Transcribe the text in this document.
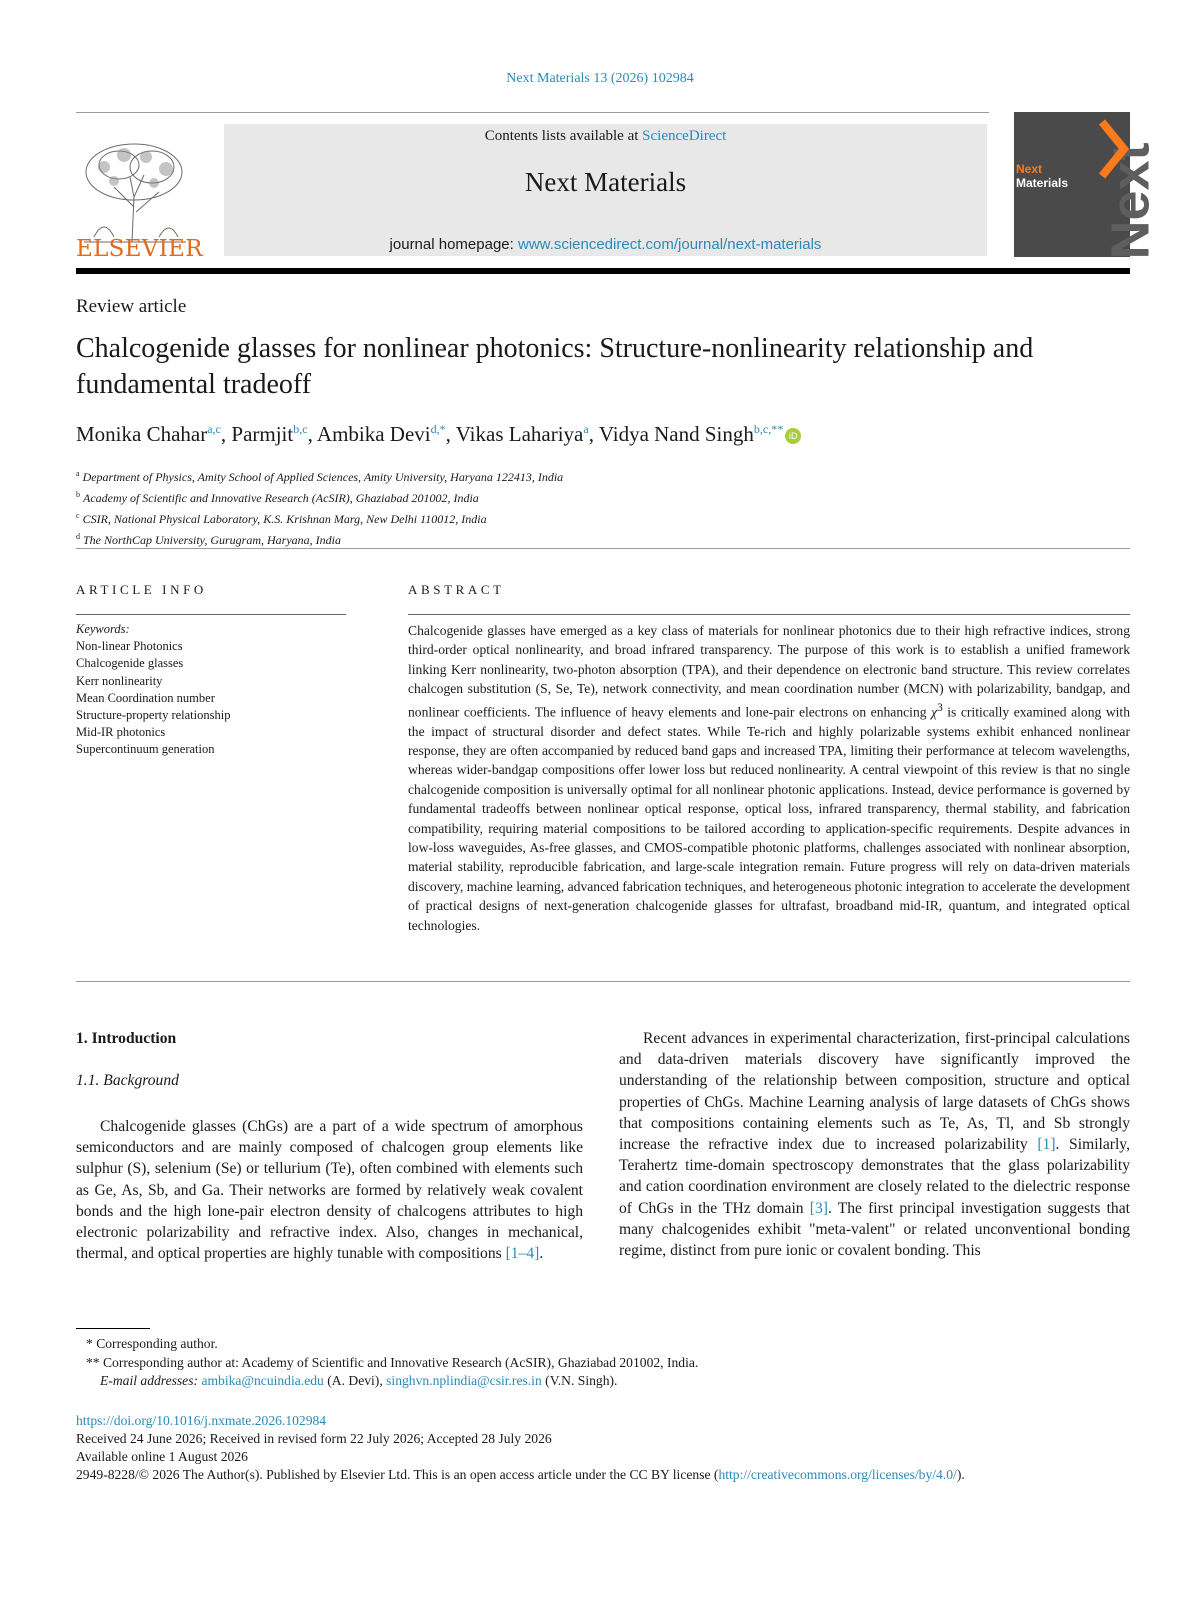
Next Materials 13 (2026) 102984
ELSEVIER
Contents lists available at ScienceDirect
Next Materials
journal homepage: www.sciencedirect.com/journal/next-materials	Next
Next
Materials
Review article
Chalcogenide glasses for nonlinear photonics: Structure-nonlinearity relationship and fundamental tradeoff
Monika Chahar$^{a,c}$, Parmjit$^{b,c}$, Ambika Devi$^{d,*}$, Vikas Lahariya$^a$, Vidya Nand Singh$^{b,c,**}$ iD
$^a$ Department of Physics, Amity School of Applied Sciences, Amity University, Haryana 122413, India
$^b$ Academy of Scientific and Innovative Research (AcSIR), Ghaziabad 201002, India
$^c$ CSIR, National Physical Laboratory, K.S. Krishnan Marg, New Delhi 110012, India
$^d$ The NorthCap University, Gurugram, Haryana, India
ARTICLE INFO	ABSTRACT
Keywords:
Non-linear Photonics
Chalcogenide glasses
Kerr nonlinearity
Mean Coordination number
Structure-property relationship
Mid-IR photonics
Supercontinuum generation
Chalcogenide glasses have emerged as a key class of materials for nonlinear photonics due to their high refractive indices, strong third-order optical nonlinearity, and broad infrared transparency. The purpose of this work is to establish a unified framework linking Kerr nonlinearity, two-photon absorption (TPA), and their dependence on electronic band structure. This review correlates chalcogen substitution (S, Se, Te), network connectivity, and mean coordination number (MCN) with polarizability, bandgap, and nonlinear coefficients. The influence of heavy elements and lone-pair electrons on enhancing $\chi^3$ is critically examined along with the impact of structural disorder and defect states. While Te-rich and highly polarizable systems exhibit enhanced nonlinear response, they are often accompanied by reduced band gaps and increased TPA, limiting their performance at telecom wavelengths, whereas wider-bandgap compositions offer lower loss but reduced nonlinearity. A central viewpoint of this review is that no single chalcogenide composition is universally optimal for all nonlinear photonic applications. Instead, device performance is governed by fundamental tradeoffs between nonlinear optical response, optical loss, infrared transparency, thermal stability, and fabrication compatibility, requiring material compositions to be tailored according to application-specific requirements. Despite advances in low-loss waveguides, As-free glasses, and CMOS-compatible photonic platforms, challenges associated with nonlinear absorption, material stability, reproducible fabrication, and large-scale integration remain. Future progress will rely on data-driven materials discovery, machine learning, advanced fabrication techniques, and heterogeneous photonic integration to accelerate the development of practical designs of next-generation chalcogenide glasses for ultrafast, broadband mid-IR, quantum, and integrated optical technologies.
1. Introduction
1.1. Background
Chalcogenide glasses (ChGs) are a part of a wide spectrum of amorphous semiconductors and are mainly composed of chalcogen group elements like sulphur (S), selenium (Se) or tellurium (Te), often combined with elements such as Ge, As, Sb, and Ga. Their networks are formed by relatively weak covalent bonds and the high lone-pair electron density of chalcogens attributes to high electronic polarizability and refractive index. Also, changes in mechanical, thermal, and optical properties are highly tunable with compositions [1–4].
Recent advances in experimental characterization, first-principal calculations and data-driven materials discovery have significantly improved the understanding of the relationship between composition, structure and optical properties of ChGs. Machine Learning analysis of large datasets of ChGs shows that compositions containing elements such as Te, As, Tl, and Sb strongly increase the refractive index due to increased polarizability [1]. Similarly, Terahertz time-domain spectroscopy demonstrates that the glass polarizability and cation coordination environment are closely related to the dielectric response of ChGs in the THz domain [3]. The first principal investigation suggests that many chalcogenides exhibit "meta-valent" or related unconventional bonding regime, distinct from pure ionic or covalent bonding. This
* Corresponding author.
** Corresponding author at: Academy of Scientific and Innovative Research (AcSIR), Ghaziabad 201002, India.
E-mail addresses: ambika@ncuindia.edu (A. Devi), singhvn.nplindia@csir.res.in (V.N. Singh).
https://doi.org/10.1016/j.nxmate.2026.102984
Received 24 June 2026; Received in revised form 22 July 2026; Accepted 28 July 2026
Available online 1 August 2026
2949-8228/© 2026 The Author(s). Published by Elsevier Ltd. This is an open access article under the CC BY license (http://creativecommons.org/licenses/by/4.0/).
